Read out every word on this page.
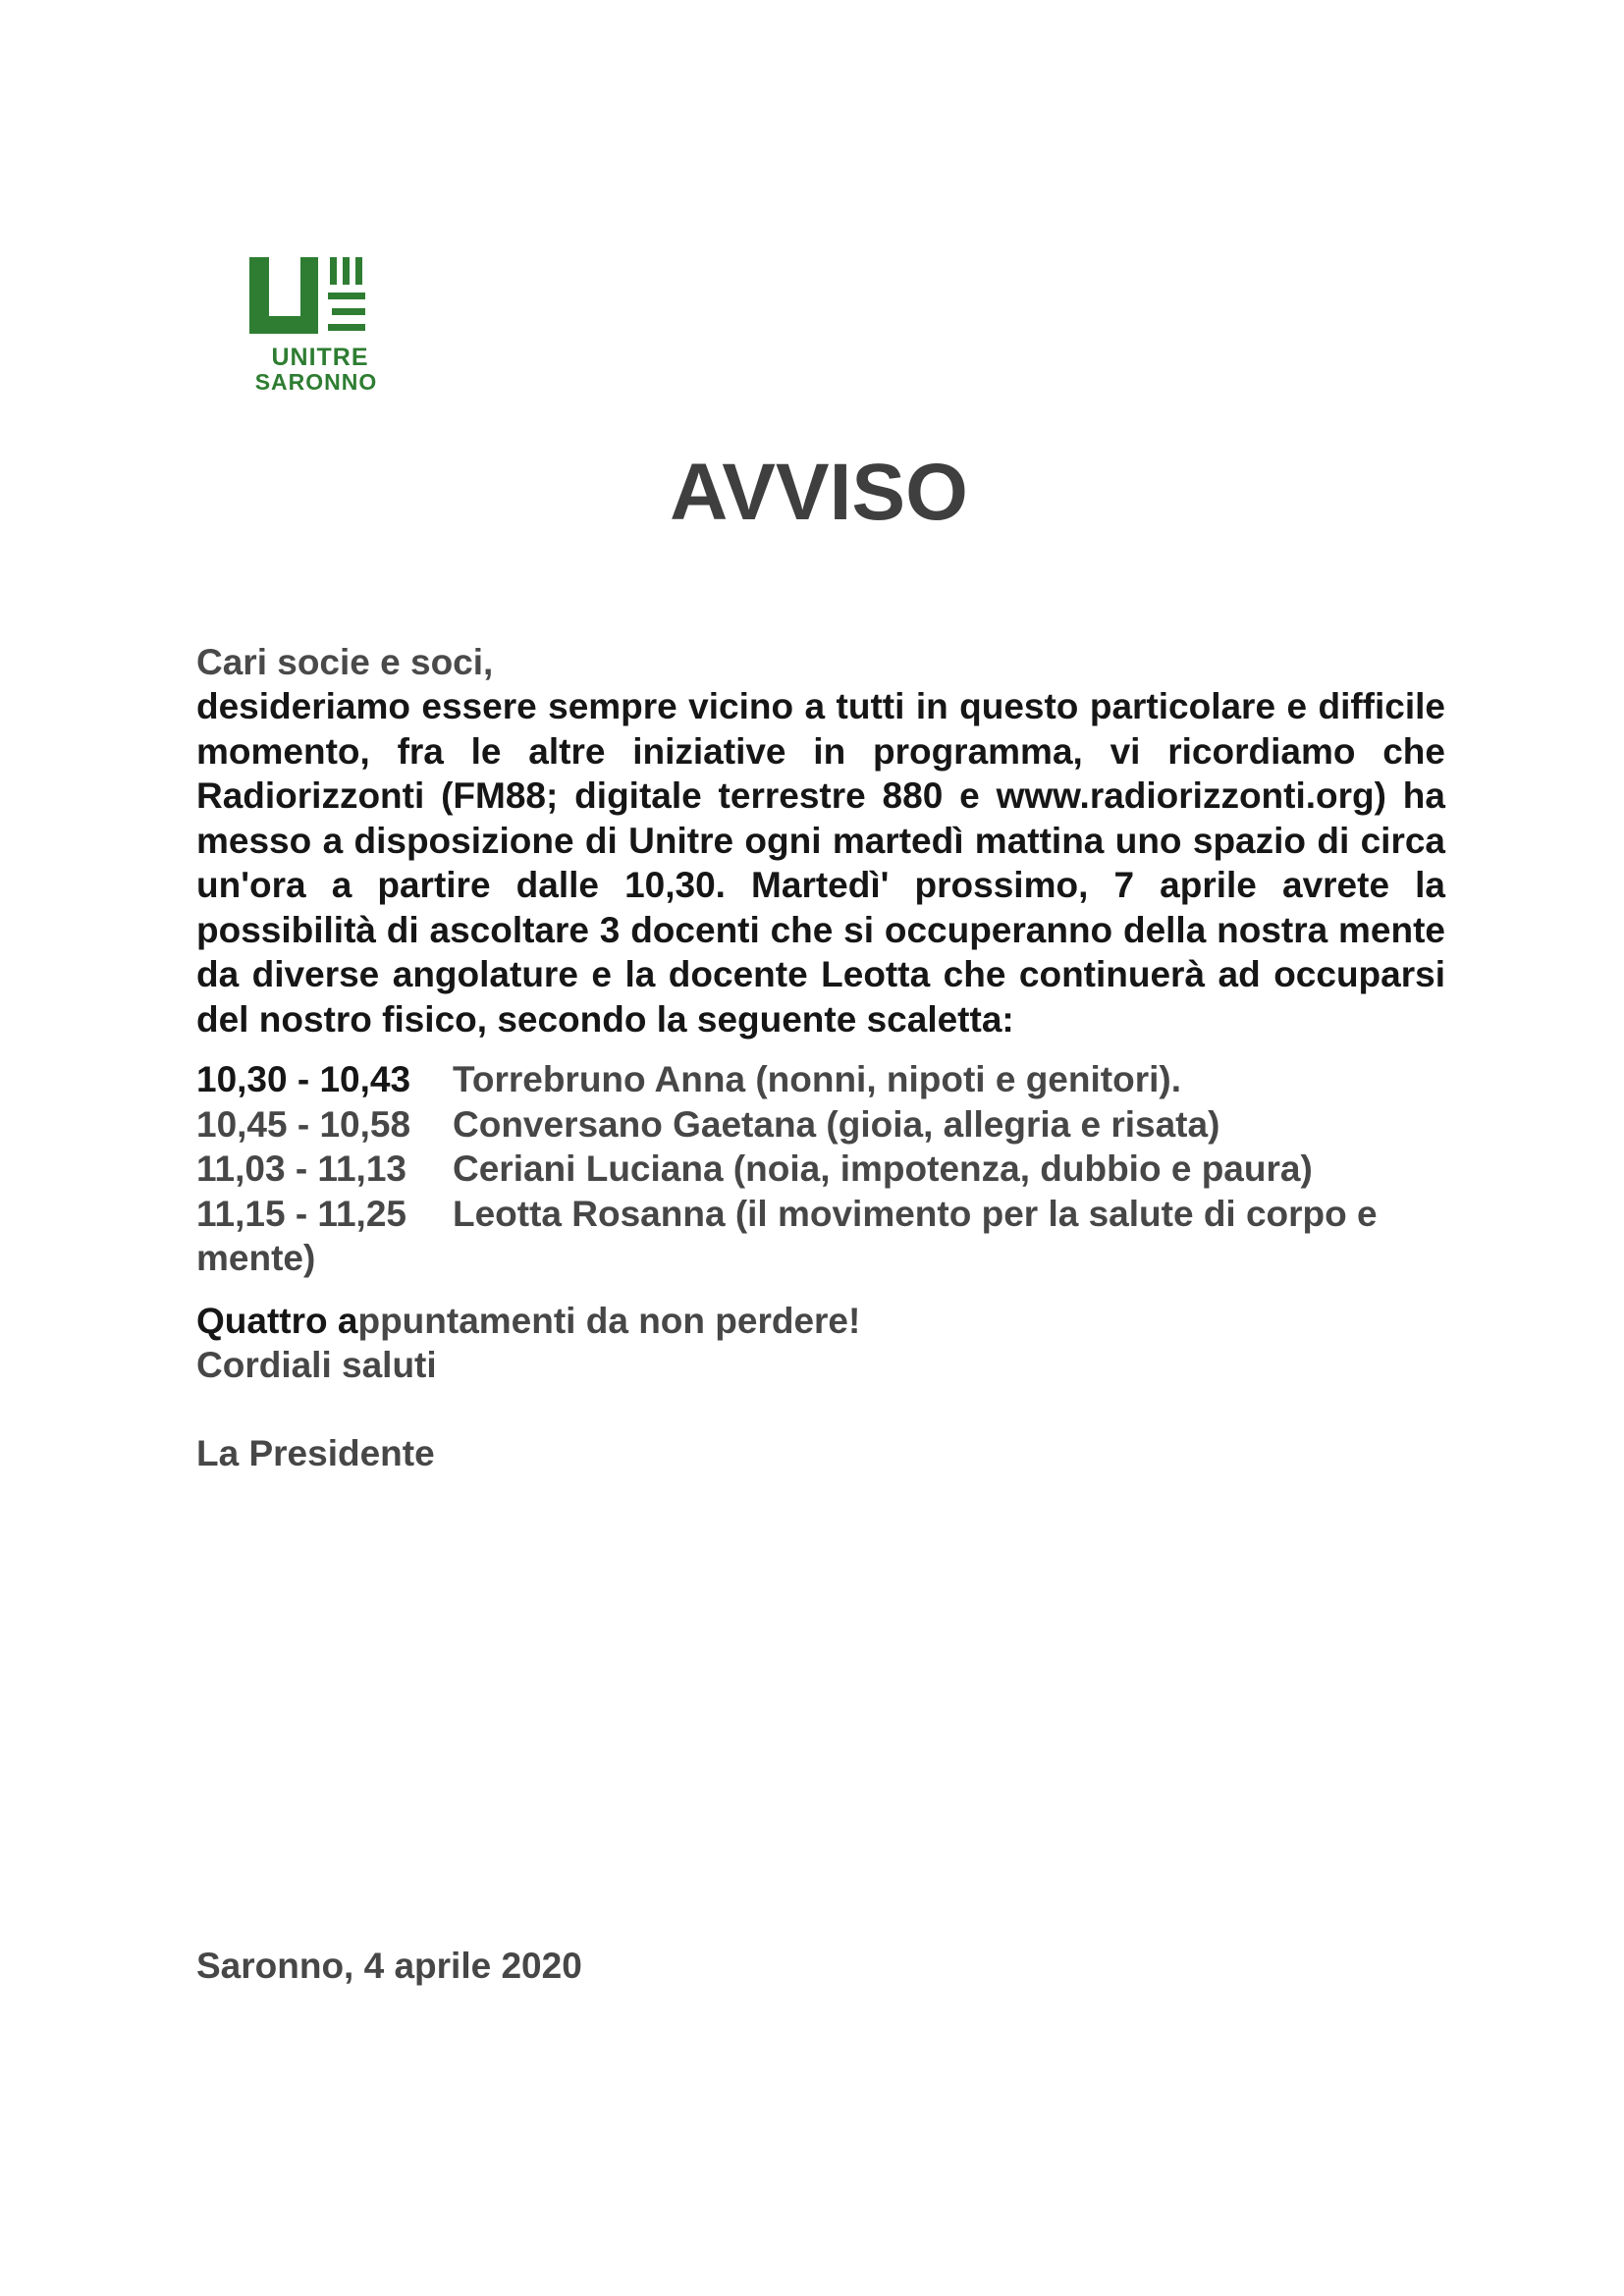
UNITRE
SARONNO
AVVISO
Cari socie e soci,

desideriamo essere sempre vicino a tutti in questo particolare e difficile momento, fra le altre iniziative in programma, vi ricordiamo che Radiorizzonti (FM88; digitale terrestre 880 e www.radiorizzonti.org) ha messo a disposizione di Unitre ogni martedì mattina uno spazio di circa un'ora a partire dalle 10,30. Martedì' prossimo, 7 aprile avrete la possibilità di ascoltare 3 docenti che si occuperanno della nostra mente da diverse angolature e la docente Leotta che continuerà ad occuparsi del nostro fisico, secondo la seguente scaletta:

10,30 - 10,43 Torrebruno Anna (nonni, nipoti e genitori).
10,45 - 10,58 Conversano Gaetana (gioia, allegria e risata)
11,03 - 11,13 Ceriani Luciana (noia, impotenza, dubbio e paura)
11,15 - 11,25 Leotta Rosanna (il movimento per la salute di corpo e mente)
Quattro appuntamenti da non perdere!
Cordiali saluti
La Presidente
Saronno, 4 aprile 2020
